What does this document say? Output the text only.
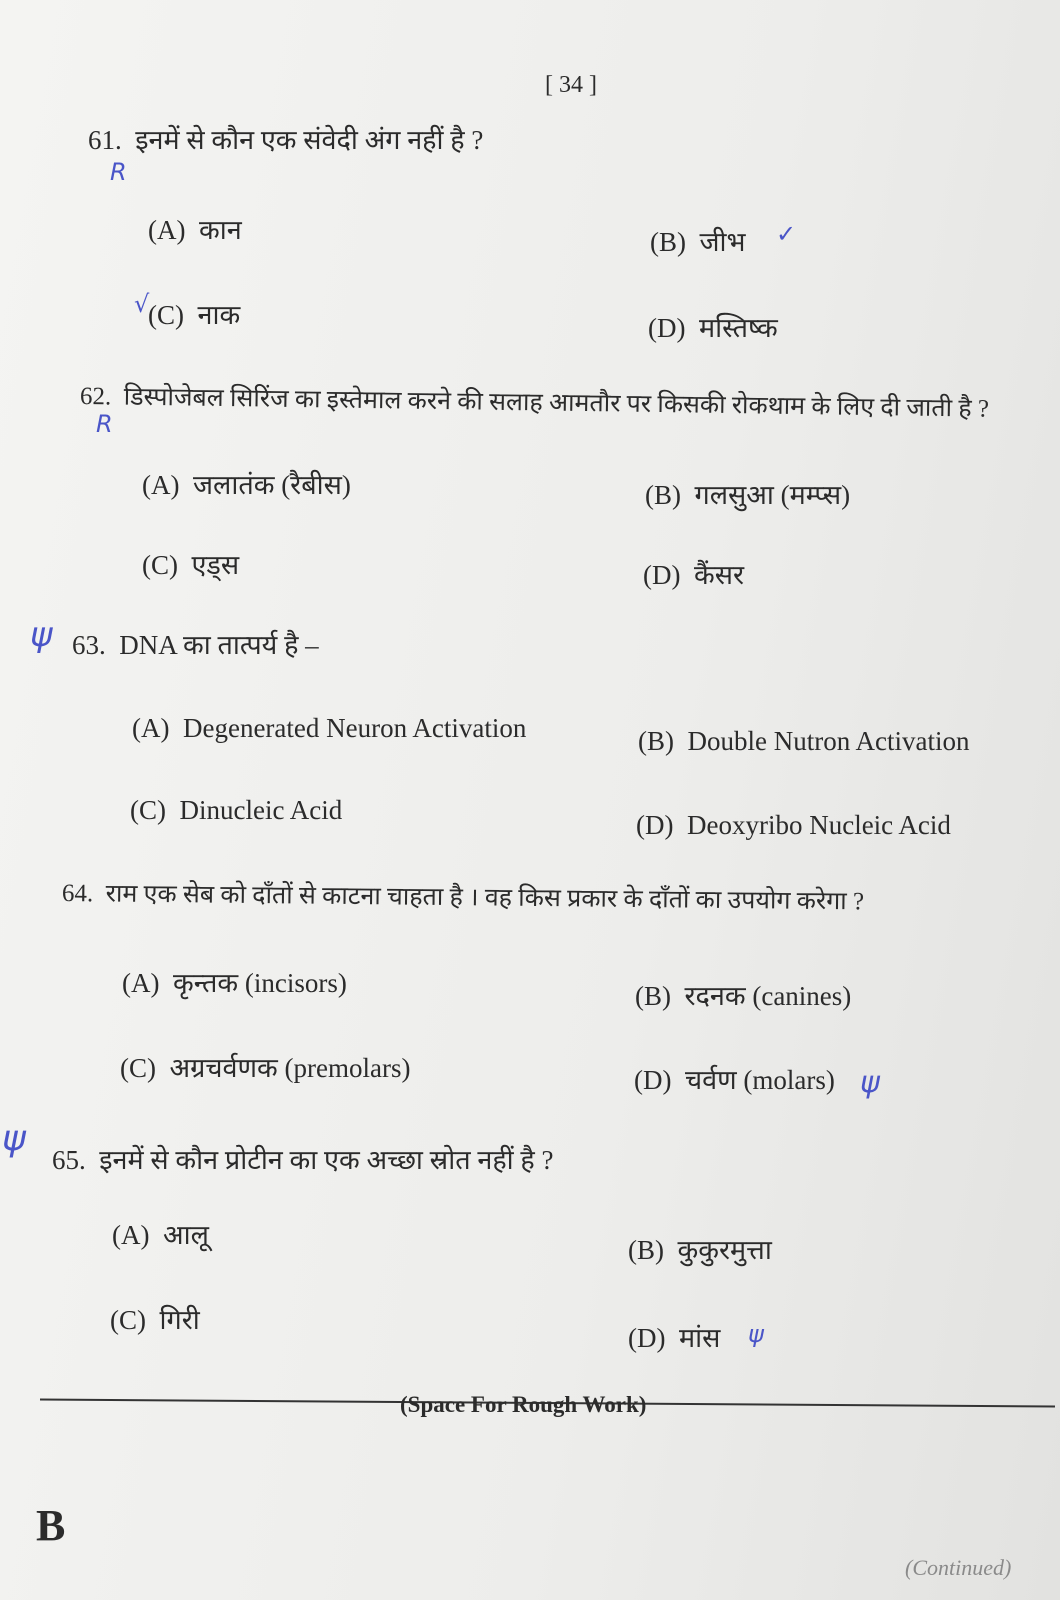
[ 34 ]
61. इनमें से कौन एक संवेदी अंग नहीं है ?
(A) कान	(B) जीभ
(C) नाक	(D) मस्तिष्क
62. डिस्पोजेबल सिरिंज का इस्तेमाल करने की सलाह आमतौर पर किसकी रोकथाम के लिए दी जाती है ?
(A) जलातंक (रैबीस)	(B) गलसुआ (मम्प्स)
(C) एड्स	(D) कैंसर
63. DNA का तात्पर्य है –
(A) Degenerated Neuron Activation	(B) Double Nutron Activation
(C) Dinucleic Acid	(D) Deoxyribo Nucleic Acid
64. राम एक सेब को दाँतों से काटना चाहता है । वह किस प्रकार के दाँतों का उपयोग करेगा ?
(A) कृन्तक (incisors)	(B) रदनक (canines)
(C) अग्रचर्वणक (premolars)	(D) चर्वण (molars)
65. इनमें से कौन प्रोटीन का एक अच्छा स्रोत नहीं है ?
(A) आलू	(B) कुकुरमुत्ता
(C) गिरी
(D) मांस
R
✓
√
R
ψ
ψ
ψ
ψ
(Space For Rough Work)
B
(Continued)
